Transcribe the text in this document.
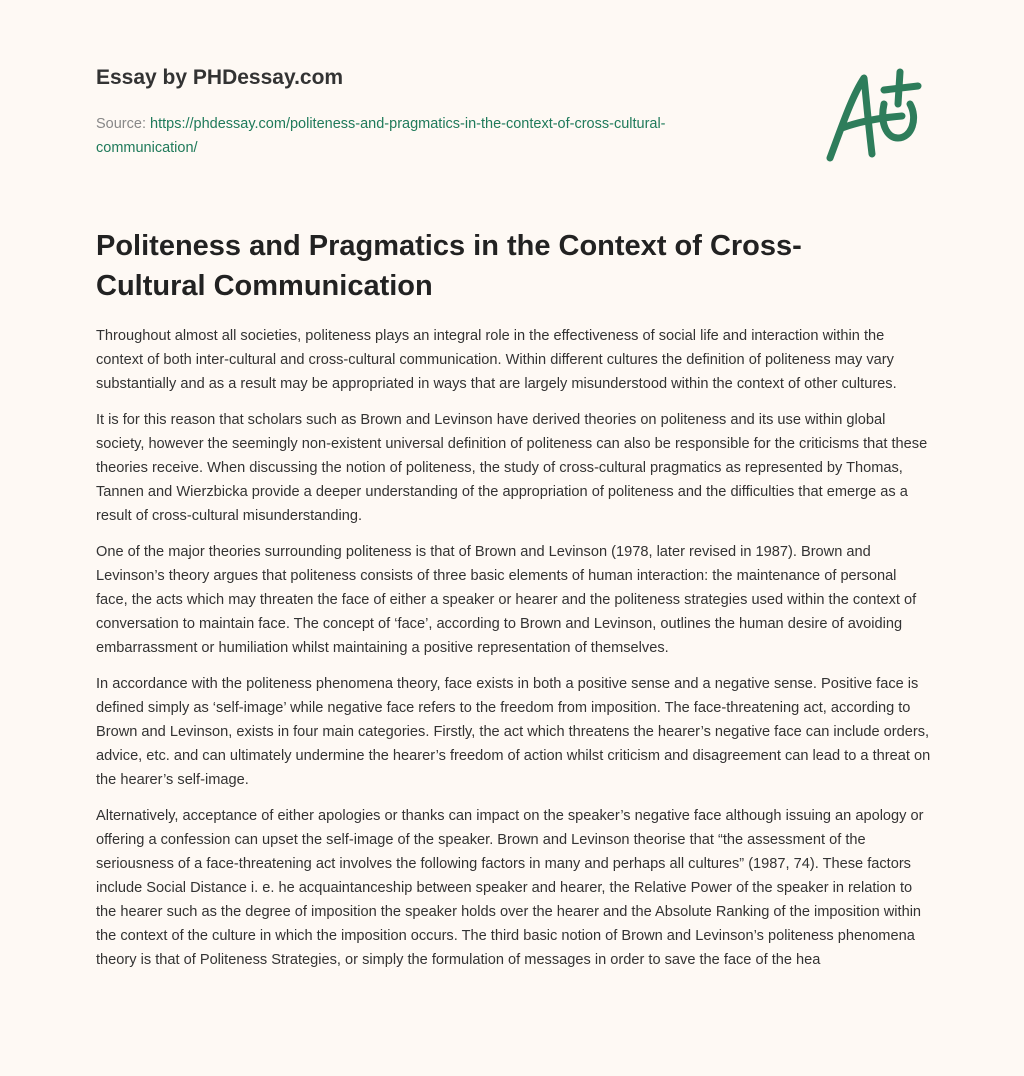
Essay by PHDessay.com
Source: https://phdessay.com/politeness-and-pragmatics-in-the-context-of-cross-cultural-communication/
Politeness and Pragmatics in the Context of Cross-Cultural Communication

Throughout almost all societies, politeness plays an integral role in the effectiveness of social life and interaction within the context of both inter-cultural and cross-cultural communication. Within different cultures the definition of politeness may vary substantially and as a result may be appropriated in ways that are largely misunderstood within the context of other cultures.

It is for this reason that scholars such as Brown and Levinson have derived theories on politeness and its use within global society, however the seemingly non-existent universal definition of politeness can also be responsible for the criticisms that these theories receive. When discussing the notion of politeness, the study of cross-cultural pragmatics as represented by Thomas, Tannen and Wierzbicka provide a deeper understanding of the appropriation of politeness and the difficulties that emerge as a result of cross-cultural misunderstanding.

One of the major theories surrounding politeness is that of Brown and Levinson (1978, later revised in 1987). Brown and Levinson’s theory argues that politeness consists of three basic elements of human interaction: the maintenance of personal face, the acts which may threaten the face of either a speaker or hearer and the politeness strategies used within the context of conversation to maintain face. The concept of ‘face’, according to Brown and Levinson, outlines the human desire of avoiding embarrassment or humiliation whilst maintaining a positive representation of themselves.

In accordance with the politeness phenomena theory, face exists in both a positive sense and a negative sense. Positive face is defined simply as ‘self-image’ while negative face refers to the freedom from imposition. The face-threatening act, according to Brown and Levinson, exists in four main categories. Firstly, the act which threatens the hearer’s negative face can include orders, advice, etc. and can ultimately undermine the hearer’s freedom of action whilst criticism and disagreement can lead to a threat on the hearer’s self-image.

Alternatively, acceptance of either apologies or thanks can impact on the speaker’s negative face although issuing an apology or offering a confession can upset the self-image of the speaker. Brown and Levinson theorise that “the assessment of the seriousness of a face-threatening act involves the following factors in many and perhaps all cultures” (1987, 74). These factors include Social Distance i. e. he acquaintanceship between speaker and hearer, the Relative Power of the speaker in relation to the hearer such as the degree of imposition the speaker holds over the hearer and the Absolute Ranking of the imposition within the context of the culture in which the imposition occurs. The third basic notion of Brown and Levinson’s politeness phenomena theory is that of Politeness Strategies, or simply the formulation of messages in order to save the face of the hea
